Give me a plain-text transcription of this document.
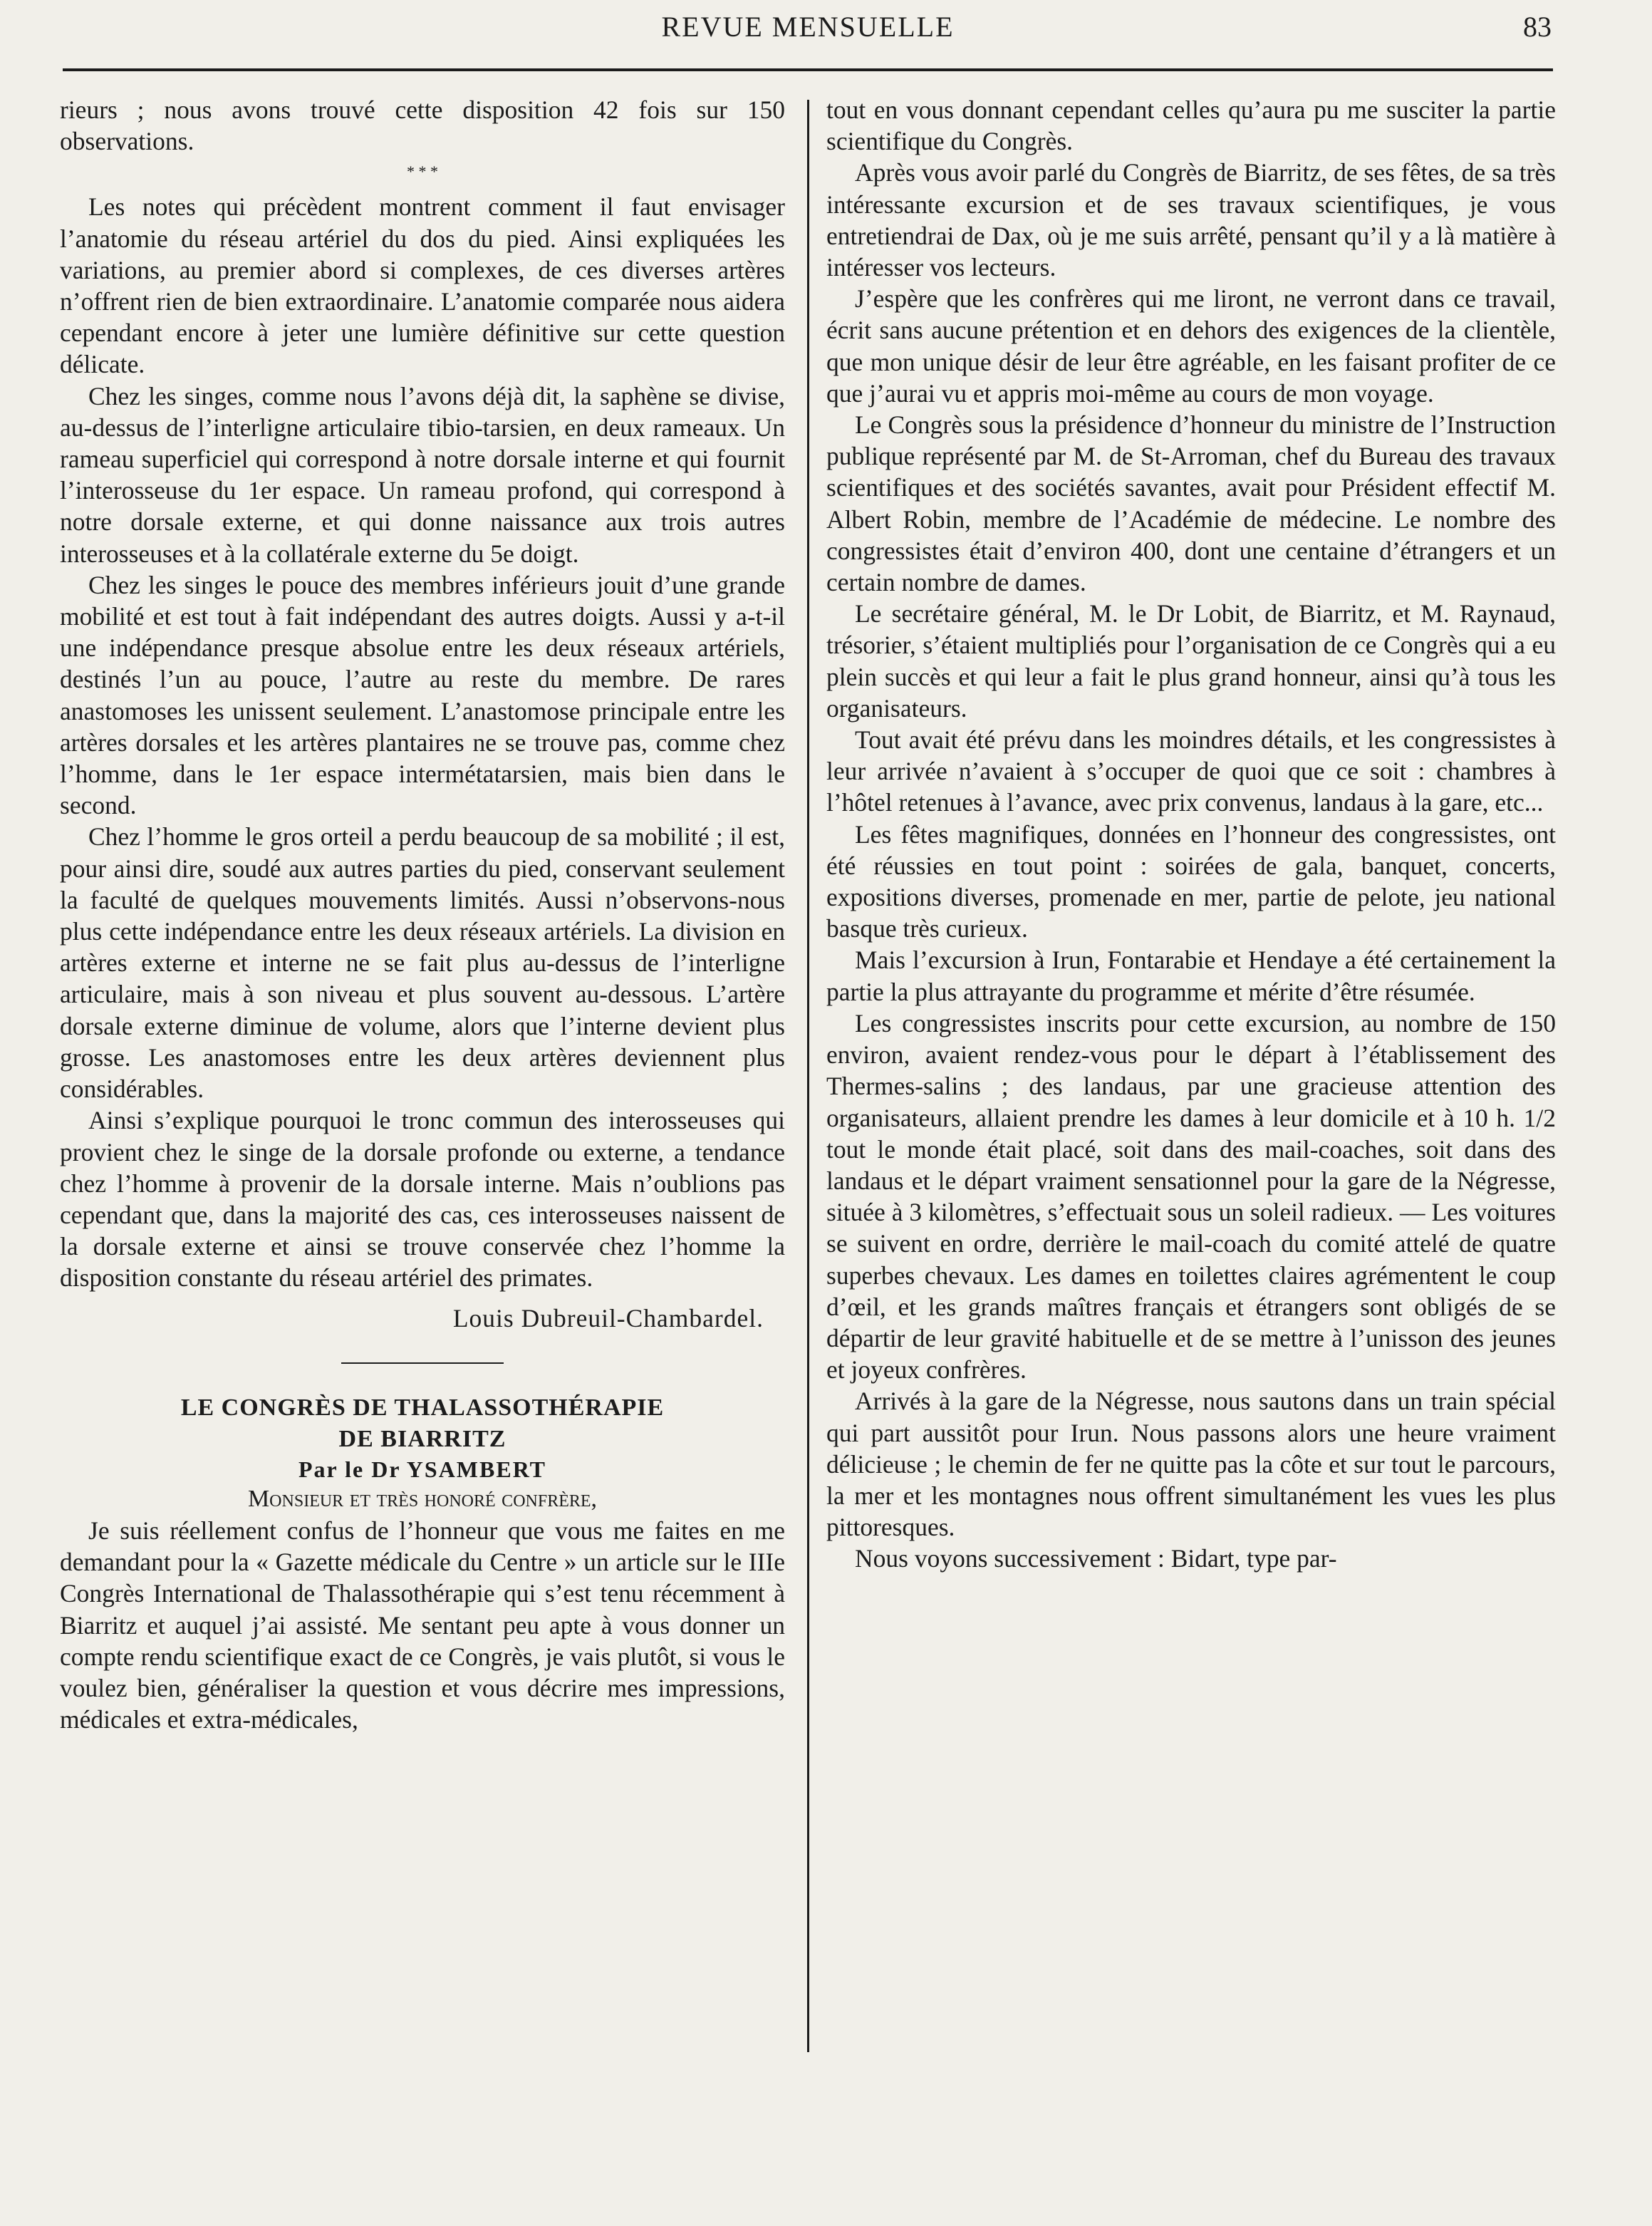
REVUE MENSUELLE	83

rieurs ; nous avons trouvé cette disposition 42 fois sur 150 observations.

* * *

Les notes qui précèdent montrent comment il faut envisager l’anatomie du réseau artériel du dos du pied. Ainsi expliquées les variations, au premier abord si complexes, de ces diverses artères n’offrent rien de bien extraordinaire. L’anatomie comparée nous aidera cependant encore à jeter une lumière définitive sur cette question délicate.

Chez les singes, comme nous l’avons déjà dit, la saphène se divise, au-dessus de l’interligne articulaire tibio-tarsien, en deux rameaux. Un rameau superficiel qui correspond à notre dorsale interne et qui fournit l’interosseuse du 1er espace. Un rameau profond, qui correspond à notre dorsale externe, et qui donne naissance aux trois autres interosseuses et à la collatérale externe du 5e doigt.

Chez les singes le pouce des membres inférieurs jouit d’une grande mobilité et est tout à fait indépendant des autres doigts. Aussi y a-t-il une indépendance presque absolue entre les deux réseaux artériels, destinés l’un au pouce, l’autre au reste du membre. De rares anastomoses les unissent seulement. L’anastomose principale entre les artères dorsales et les artères plantaires ne se trouve pas, comme chez l’homme, dans le 1er espace intermétatarsien, mais bien dans le second.

Chez l’homme le gros orteil a perdu beaucoup de sa mobilité ; il est, pour ainsi dire, soudé aux autres parties du pied, conservant seulement la faculté de quelques mouvements limités. Aussi n’observons-nous plus cette indépendance entre les deux réseaux artériels. La division en artères externe et interne ne se fait plus au-dessus de l’interligne articulaire, mais à son niveau et plus souvent au-dessous. L’artère dorsale externe diminue de volume, alors que l’interne devient plus grosse. Les anastomoses entre les deux artères deviennent plus considérables.

Ainsi s’explique pourquoi le tronc commun des interosseuses qui provient chez le singe de la dorsale profonde ou externe, a tendance chez l’homme à provenir de la dorsale interne. Mais n’oublions pas cependant que, dans la majorité des cas, ces interosseuses naissent de la dorsale externe et ainsi se trouve conservée chez l’homme la disposition constante du réseau artériel des primates.

Louis Dubreuil-Chambardel.

LE CONGRÈS DE THALASSOTHÉRAPIE

DE BIARRITZ

Par le Dr YSAMBERT

Monsieur et très honoré confrère,

Je suis réellement confus de l’honneur que vous me faites en me demandant pour la « Gazette médicale du Centre » un article sur le IIIe Congrès International de Thalassothérapie qui s’est tenu récemment à Biarritz et auquel j’ai assisté. Me sentant peu apte à vous donner un compte rendu scientifique exact de ce Congrès, je vais plutôt, si vous le voulez bien, généraliser la question et vous décrire mes impressions, médicales et extra-médicales,

tout en vous donnant cependant celles qu’aura pu me susciter la partie scientifique du Congrès.

Après vous avoir parlé du Congrès de Biarritz, de ses fêtes, de sa très intéressante excursion et de ses travaux scientifiques, je vous entretiendrai de Dax, où je me suis arrêté, pensant qu’il y a là matière à intéresser vos lecteurs.

J’espère que les confrères qui me liront, ne verront dans ce travail, écrit sans aucune prétention et en dehors des exigences de la clientèle, que mon unique désir de leur être agréable, en les faisant profiter de ce que j’aurai vu et appris moi-même au cours de mon voyage.

Le Congrès sous la présidence d’honneur du ministre de l’Instruction publique représenté par M. de St-Arroman, chef du Bureau des travaux scientifiques et des sociétés savantes, avait pour Président effectif M. Albert Robin, membre de l’Académie de médecine. Le nombre des congressistes était d’environ 400, dont une centaine d’étrangers et un certain nombre de dames.

Le secrétaire général, M. le Dr Lobit, de Biarritz, et M. Raynaud, trésorier, s’étaient multipliés pour l’organisation de ce Congrès qui a eu plein succès et qui leur a fait le plus grand honneur, ainsi qu’à tous les organisateurs.

Tout avait été prévu dans les moindres détails, et les congressistes à leur arrivée n’avaient à s’occuper de quoi que ce soit : chambres à l’hôtel retenues à l’avance, avec prix convenus, landaus à la gare, etc...

Les fêtes magnifiques, données en l’honneur des congressistes, ont été réussies en tout point : soirées de gala, banquet, concerts, expositions diverses, promenade en mer, partie de pelote, jeu national basque très curieux.

Mais l’excursion à Irun, Fontarabie et Hendaye a été certainement la partie la plus attrayante du programme et mérite d’être résumée.

Les congressistes inscrits pour cette excursion, au nombre de 150 environ, avaient rendez-vous pour le départ à l’établissement des Thermes-salins ; des landaus, par une gracieuse attention des organisateurs, allaient prendre les dames à leur domicile et à 10 h. 1/2 tout le monde était placé, soit dans des mail-coaches, soit dans des landaus et le départ vraiment sensationnel pour la gare de la Négresse, située à 3 kilomètres, s’effectuait sous un soleil radieux. — Les voitures se suivent en ordre, derrière le mail-coach du comité attelé de quatre superbes chevaux. Les dames en toilettes claires agrémentent le coup d’œil, et les grands maîtres français et étrangers sont obligés de se départir de leur gravité habituelle et de se mettre à l’unisson des jeunes et joyeux confrères.

Arrivés à la gare de la Négresse, nous sautons dans un train spécial qui part aussitôt pour Irun. Nous passons alors une heure vraiment délicieuse ; le chemin de fer ne quitte pas la côte et sur tout le parcours, la mer et les montagnes nous offrent simultanément les vues les plus pittoresques.

Nous voyons successivement : Bidart, type par-
